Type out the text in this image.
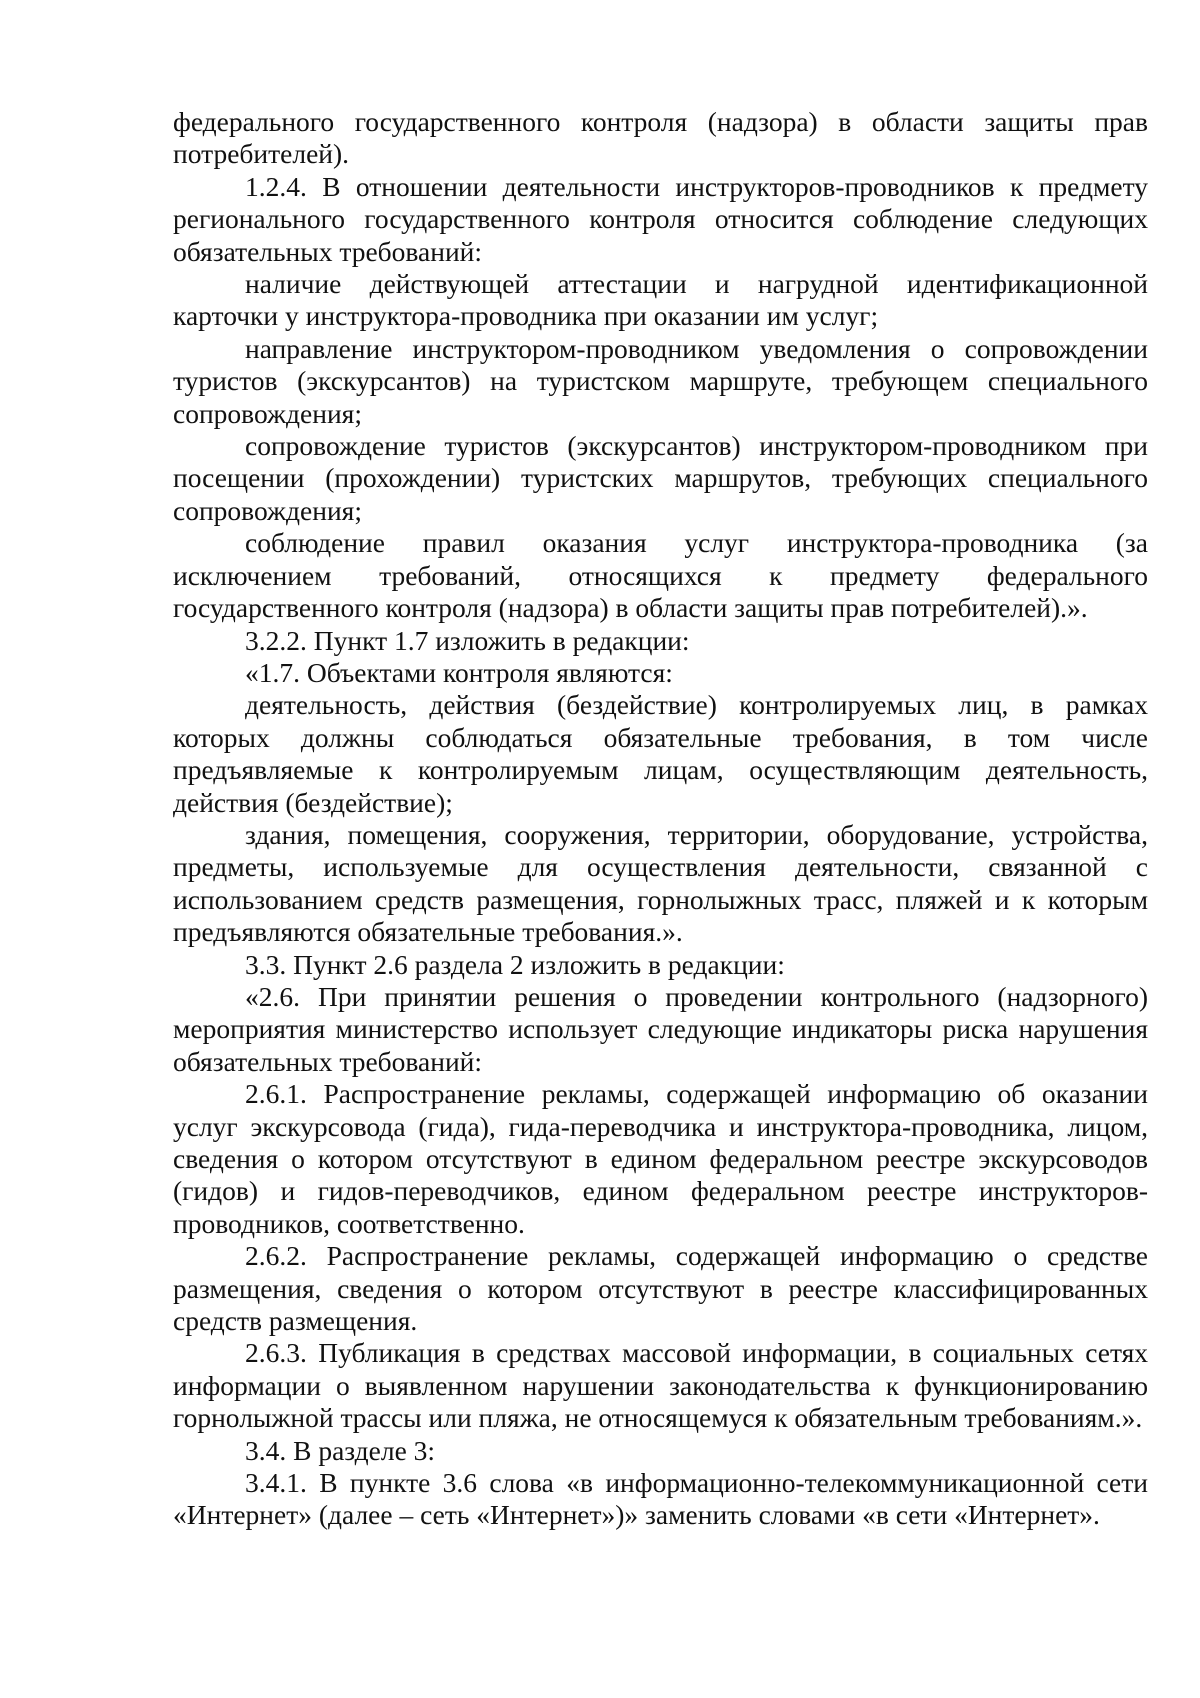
федерального государственного контроля (надзора) в области защиты прав потребителей).

1.2.4. В отношении деятельности инструкторов-проводников к предмету регионального государственного контроля относится соблюдение следующих обязательных требований:

наличие действующей аттестации и нагрудной идентификационной карточки у инструктора-проводника при оказании им услуг;

направление инструктором-проводником уведомления о сопровождении туристов (экскурсантов) на туристском маршруте, требующем специального сопровождения;

сопровождение туристов (экскурсантов) инструктором-проводником при посещении (прохождении) туристских маршрутов, требующих специального сопровождения;

соблюдение правил оказания услуг инструктора-проводника (за исключением требований, относящихся к предмету федерального государственного контроля (надзора) в области защиты прав потребителей).».

3.2.2. Пункт 1.7 изложить в редакции:

«1.7. Объектами контроля являются:

деятельность, действия (бездействие) контролируемых лиц, в рамках которых должны соблюдаться обязательные требования, в том числе предъявляемые к контролируемым лицам, осуществляющим деятельность, действия (бездействие);

здания, помещения, сооружения, территории, оборудование, устройства, предметы, используемые для осуществления деятельности, связанной с использованием средств размещения, горнолыжных трасс, пляжей и к которым предъявляются обязательные требования.».

3.3. Пункт 2.6 раздела 2 изложить в редакции:

«2.6. При принятии решения о проведении контрольного (надзорного) мероприятия министерство использует следующие индикаторы риска нарушения обязательных требований:

2.6.1. Распространение рекламы, содержащей информацию об оказании услуг экскурсовода (гида), гида-переводчика и инструктора-проводника, лицом, сведения о котором отсутствуют в едином федеральном реестре экскурсоводов (гидов) и гидов-переводчиков, едином федеральном реестре инструкторов-проводников, соответственно.

2.6.2. Распространение рекламы, содержащей информацию о средстве размещения, сведения о котором отсутствуют в реестре классифицированных средств размещения.

2.6.3. Публикация в средствах массовой информации, в социальных сетях информации о выявленном нарушении законодательства к функционированию горнолыжной трассы или пляжа, не относящемуся к обязательным требованиям.».

3.4. В разделе 3:

3.4.1. В пункте 3.6 слова «в информационно-телекоммуникационной сети «Интернет» (далее – сеть «Интернет»)» заменить словами «в сети «Интернет».
